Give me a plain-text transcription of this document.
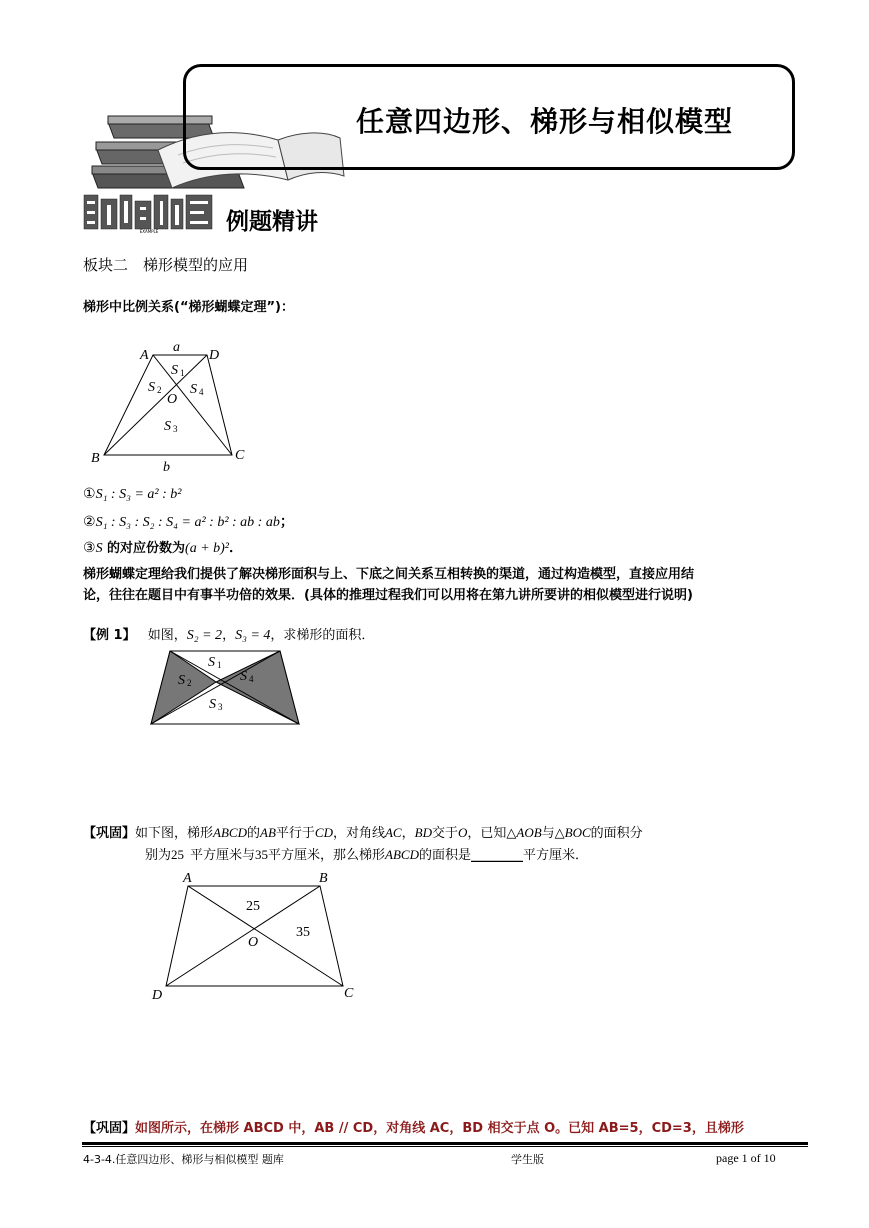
任意四边形、梯形与相似模型
EXAMPLE	例题精讲
板块二　梯形模型的应用
梯形中比例关系(“梯形蝴蝶定理”)：
A	D
a
B	C
b
O
S 1
S 2 S 4
S 3
①S₁ : S₃ = a² : b²
②S₁ : S₃ : S₂ : S₄ = a² : b² : ab : ab；
③S 的对应份数为(a + b)²．
梯形蝴蝶定理给我们提供了解决梯形面积与上、下底之间关系互相转换的渠道，通过构造模型，直接应用结
论，往往在题目中有事半功倍的效果．(具体的推理过程我们可以用将在第九讲所要讲的相似模型进行说明)
【例 1】 如图，S₂ = 2，S₃ = 4，求梯形的面积．
S 1
S 2	S 4
S 3
【巩固】如下图，梯形ABCD的AB平行于CD，对角线AC，BD交于O，已知△AOB与△BOC的面积分
别为25 平方厘米与35平方厘米，那么梯形ABCD的面积是________平方厘米．
A	B
D	C
O
25
35
【巩固】如图所示，在梯形 ABCD 中，AB // CD，对角线 AC，BD 相交于点 O。已知 AB=5，CD=3，且梯形
4-3-4.任意四边形、梯形与相似模型 题库	学生版	page 1 of 10
